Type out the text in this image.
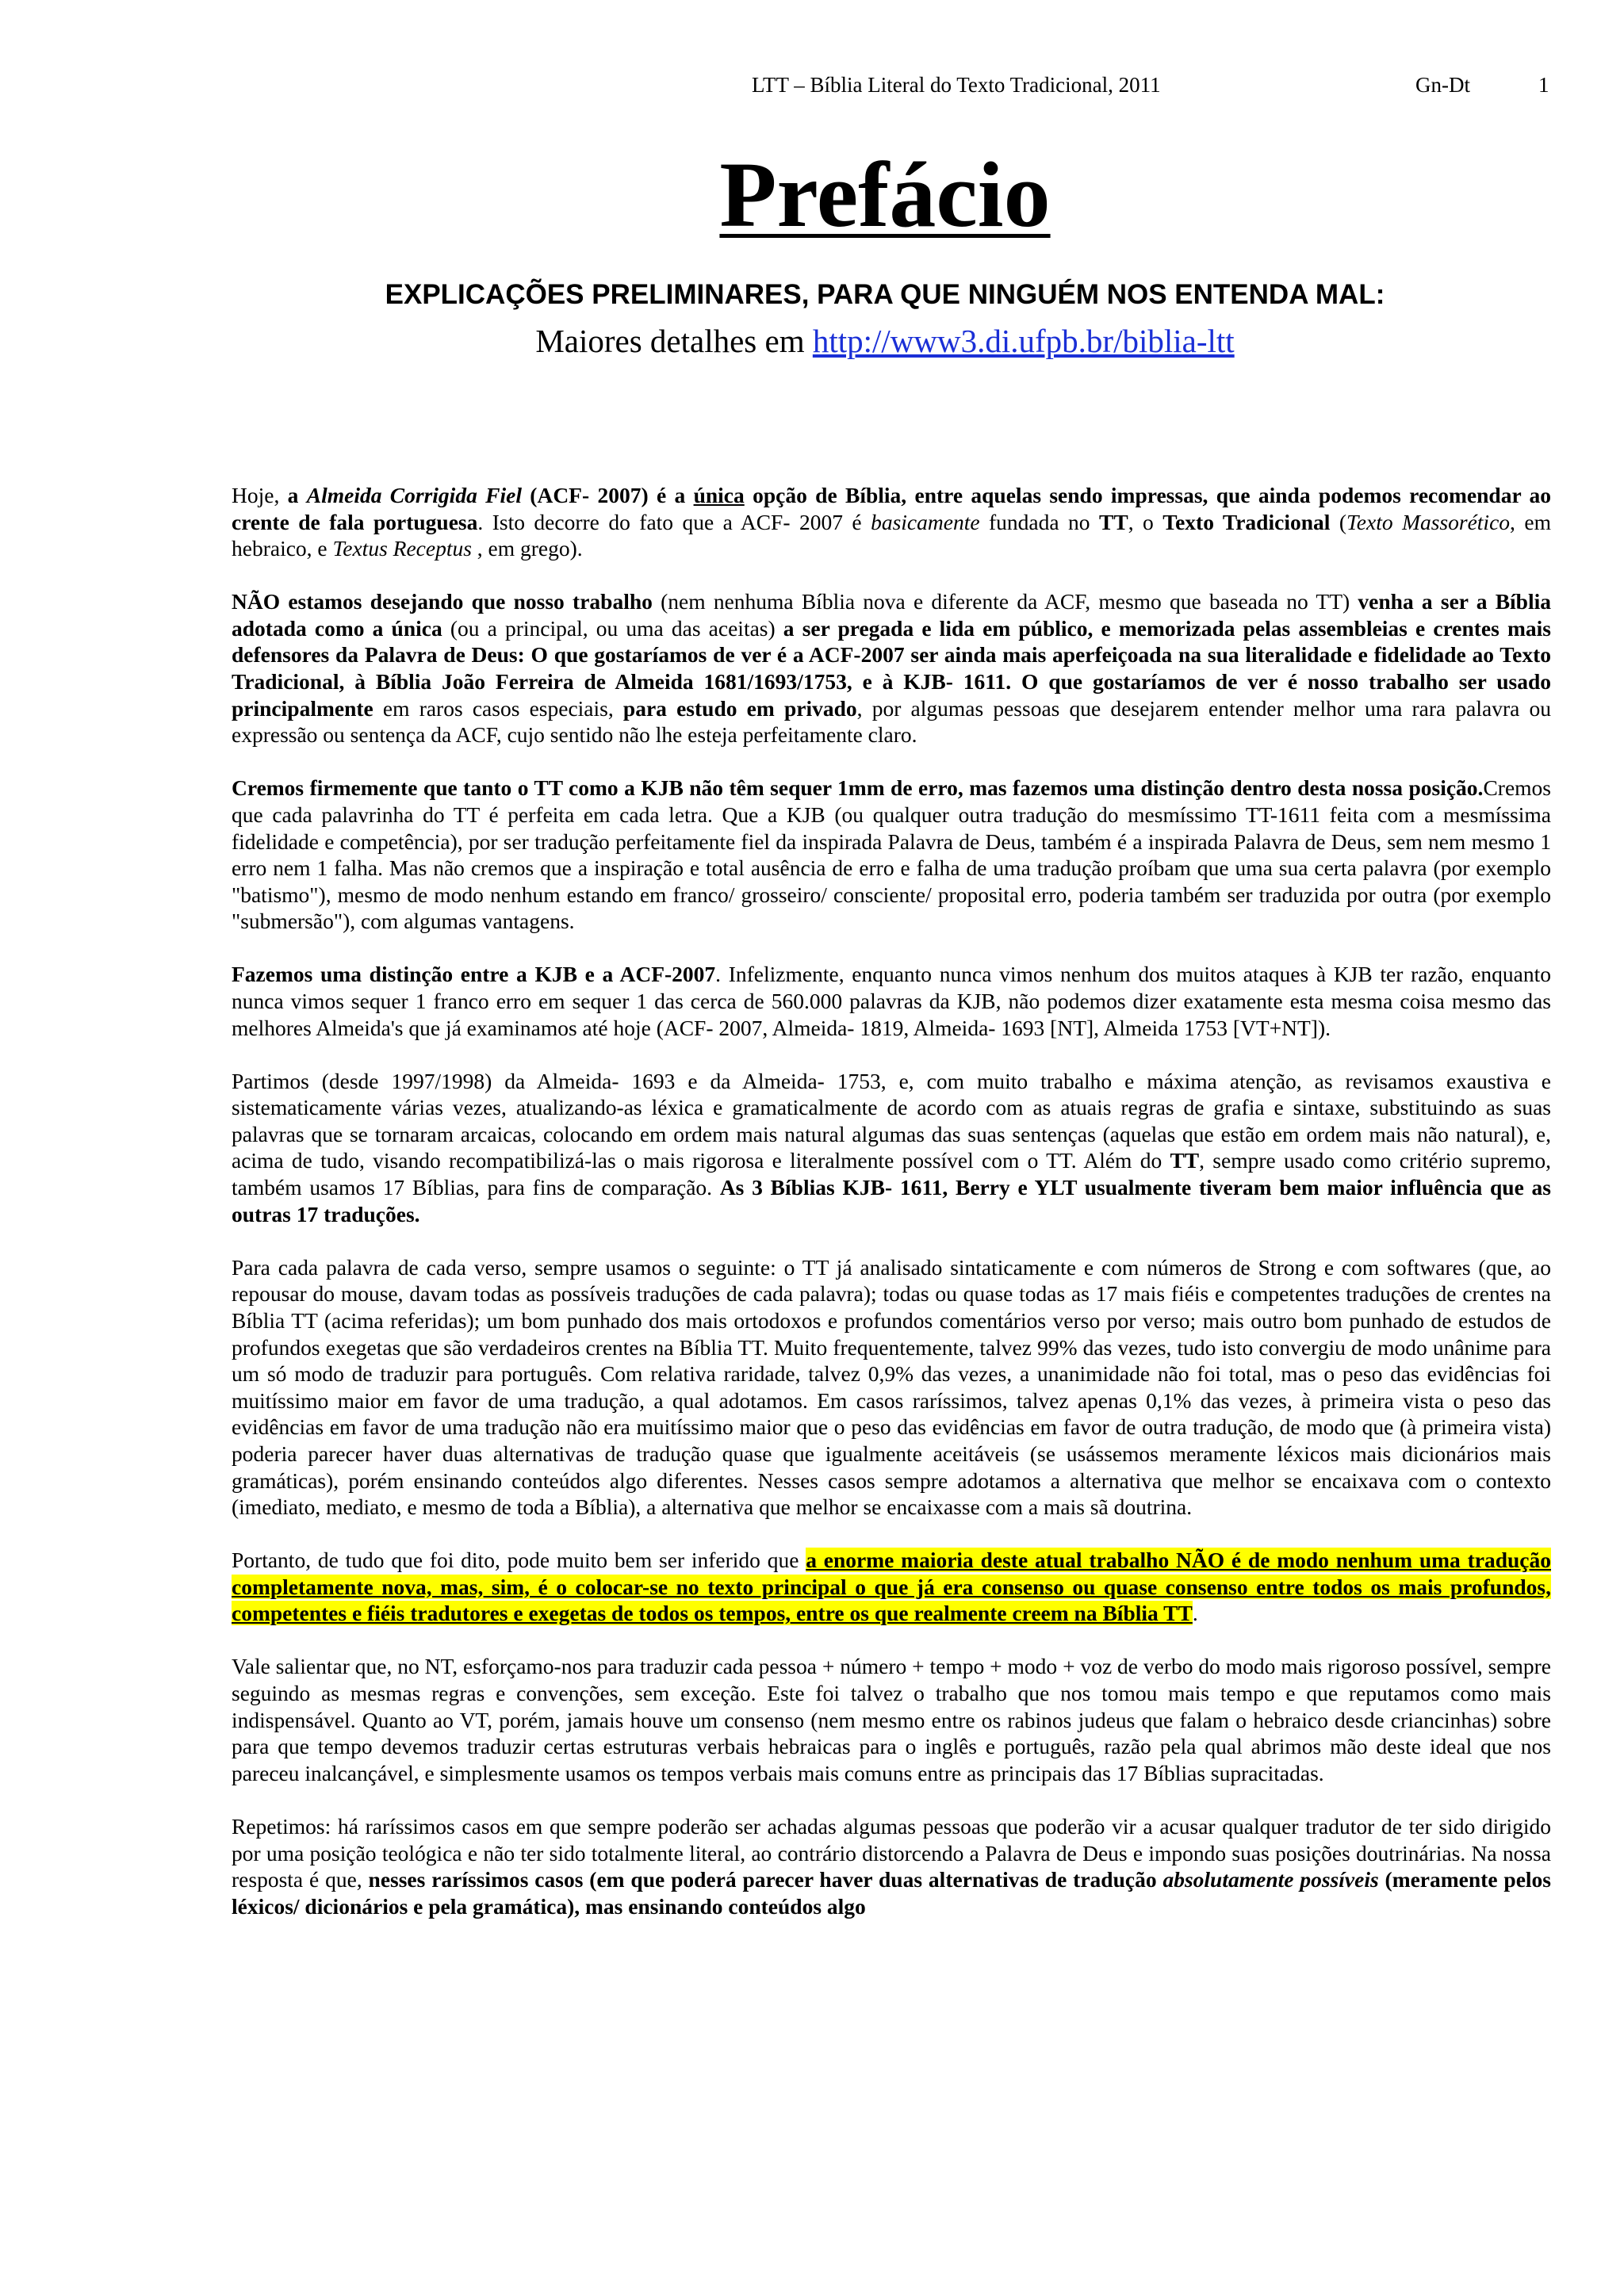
LTT – Bíblia Literal do Texto Tradicional, 2011	Gn-Dt	1
Prefácio
EXPLICAÇÕES PRELIMINARES, PARA QUE NINGUÉM NOS ENTENDA MAL:
Maiores detalhes em http://www3.di.ufpb.br/biblia-ltt

Hoje, a Almeida Corrigida Fiel (ACF- 2007) é a única opção de Bíblia, entre aquelas sendo impressas, que ainda podemos recomendar ao crente de fala portuguesa. Isto decorre do fato que a ACF- 2007 é basicamente fundada no TT, o Texto Tradicional (Texto Massorético, em hebraico, e Textus Receptus , em grego).

NÃO estamos desejando que nosso trabalho (nem nenhuma Bíblia nova e diferente da ACF, mesmo que baseada no TT) venha a ser a Bíblia adotada como a única (ou a principal, ou uma das aceitas) a ser pregada e lida em público, e memorizada pelas assembleias e crentes mais defensores da Palavra de Deus: O que gostaríamos de ver é a ACF-2007 ser ainda mais aperfeiçoada na sua literalidade e fidelidade ao Texto Tradicional, à Bíblia João Ferreira de Almeida 1681/1693/1753, e à KJB- 1611. O que gostaríamos de ver é nosso trabalho ser usado principalmente em raros casos especiais, para estudo em privado, por algumas pessoas que desejarem entender melhor uma rara palavra ou expressão ou sentença da ACF, cujo sentido não lhe esteja perfeitamente claro.

Cremos firmemente que tanto o TT como a KJB não têm sequer 1mm de erro, mas fazemos uma distinção dentro desta nossa posição.Cremos que cada palavrinha do TT é perfeita em cada letra. Que a KJB (ou qualquer outra tradução do mesmíssimo TT-1611 feita com a mesmíssima fidelidade e competência), por ser tradução perfeitamente fiel da inspirada Palavra de Deus, também é a inspirada Palavra de Deus, sem nem mesmo 1 erro nem 1 falha. Mas não cremos que a inspiração e total ausência de erro e falha de uma tradução proíbam que uma sua certa palavra (por exemplo "batismo"), mesmo de modo nenhum estando em franco/ grosseiro/ consciente/ proposital erro, poderia também ser traduzida por outra (por exemplo "submersão"), com algumas vantagens.

Fazemos uma distinção entre a KJB e a ACF-2007. Infelizmente, enquanto nunca vimos nenhum dos muitos ataques à KJB ter razão, enquanto nunca vimos sequer 1 franco erro em sequer 1 das cerca de 560.000 palavras da KJB, não podemos dizer exatamente esta mesma coisa mesmo das melhores Almeida's que já examinamos até hoje (ACF- 2007, Almeida- 1819, Almeida- 1693 [NT], Almeida 1753 [VT+NT]).

Partimos (desde 1997/1998) da Almeida- 1693 e da Almeida- 1753, e, com muito trabalho e máxima atenção, as revisamos exaustiva e sistematicamente várias vezes, atualizando-as léxica e gramaticalmente de acordo com as atuais regras de grafia e sintaxe, substituindo as suas palavras que se tornaram arcaicas, colocando em ordem mais natural algumas das suas sentenças (aquelas que estão em ordem mais não natural), e, acima de tudo, visando recompatibilizá-las o mais rigorosa e literalmente possível com o TT. Além do TT, sempre usado como critério supremo, também usamos 17 Bíblias, para fins de comparação. As 3 Bíblias KJB- 1611, Berry e YLT usualmente tiveram bem maior influência que as outras 17 traduções.

Para cada palavra de cada verso, sempre usamos o seguinte: o TT já analisado sintaticamente e com números de Strong e com softwares (que, ao repousar do mouse, davam todas as possíveis traduções de cada palavra); todas ou quase todas as 17 mais fiéis e competentes traduções de crentes na Bíblia TT (acima referidas); um bom punhado dos mais ortodoxos e profundos comentários verso por verso; mais outro bom punhado de estudos de profundos exegetas que são verdadeiros crentes na Bíblia TT. Muito frequentemente, talvez 99% das vezes, tudo isto convergiu de modo unânime para um só modo de traduzir para português. Com relativa raridade, talvez 0,9% das vezes, a unanimidade não foi total, mas o peso das evidências foi muitíssimo maior em favor de uma tradução, a qual adotamos. Em casos raríssimos, talvez apenas 0,1% das vezes, à primeira vista o peso das evidências em favor de uma tradução não era muitíssimo maior que o peso das evidências em favor de outra tradução, de modo que (à primeira vista) poderia parecer haver duas alternativas de tradução quase que igualmente aceitáveis (se usássemos meramente léxicos mais dicionários mais gramáticas), porém ensinando conteúdos algo diferentes. Nesses casos sempre adotamos a alternativa que melhor se encaixava com o contexto (imediato, mediato, e mesmo de toda a Bíblia), a alternativa que melhor se encaixasse com a mais sã doutrina.

Portanto, de tudo que foi dito, pode muito bem ser inferido que a enorme maioria deste atual trabalho NÃO é de modo nenhum uma tradução completamente nova, mas, sim, é o colocar-se no texto principal o que já era consenso ou quase consenso entre todos os mais profundos, competentes e fiéis tradutores e exegetas de todos os tempos, entre os que realmente creem na Bíblia TT.

Vale salientar que, no NT, esforçamo-nos para traduzir cada pessoa + número + tempo + modo + voz de verbo do modo mais rigoroso possível, sempre seguindo as mesmas regras e convenções, sem exceção. Este foi talvez o trabalho que nos tomou mais tempo e que reputamos como mais indispensável. Quanto ao VT, porém, jamais houve um consenso (nem mesmo entre os rabinos judeus que falam o hebraico desde criancinhas) sobre para que tempo devemos traduzir certas estruturas verbais hebraicas para o inglês e português, razão pela qual abrimos mão deste ideal que nos pareceu inalcançável, e simplesmente usamos os tempos verbais mais comuns entre as principais das 17 Bíblias supracitadas.

Repetimos: há raríssimos casos em que sempre poderão ser achadas algumas pessoas que poderão vir a acusar qualquer tradutor de ter sido dirigido por uma posição teológica e não ter sido totalmente literal, ao contrário distorcendo a Palavra de Deus e impondo suas posições doutrinárias. Na nossa resposta é que, nesses raríssimos casos (em que poderá parecer haver duas alternativas de tradução absolutamente possíveis (meramente pelos léxicos/ dicionários e pela gramática), mas ensinando conteúdos algo
